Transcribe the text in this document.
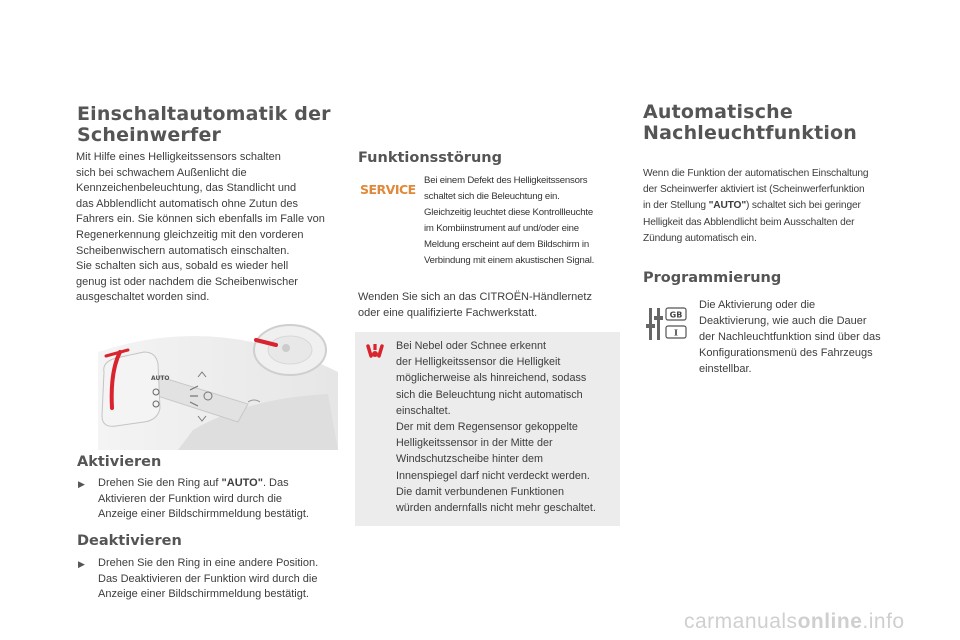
Einschaltautomatik der
Scheinwerfer
Mit Hilfe eines Helligkeitssensors schalten
sich bei schwachem Außenlicht die
Kennzeichenbeleuchtung, das Standlicht und
das Abblendlicht automatisch ohne Zutun des
Fahrers ein. Sie können sich ebenfalls im Falle von
Regenerkennung gleichzeitig mit den vorderen
Scheibenwischern automatisch einschalten.
Sie schalten sich aus, sobald es wieder hell
genug ist oder nachdem die Scheibenwischer
ausgeschaltet worden sind.
AUTO
Aktivieren
▶ Drehen Sie den Ring auf "AUTO". Das
Aktivieren der Funktion wird durch die
Anzeige einer Bildschirmmeldung bestätigt.
Deaktivieren
▶ Drehen Sie den Ring in eine andere Position.
Das Deaktivieren der Funktion wird durch die
Anzeige einer Bildschirmmeldung bestätigt.
Funktionsstörung
SERVICE
Bei einem Defekt des Helligkeitssensors
schaltet sich die Beleuchtung ein.
Gleichzeitig leuchtet diese Kontrollleuchte
im Kombiinstrument auf und/oder eine
Meldung erscheint auf dem Bildschirm in
Verbindung mit einem akustischen Signal.
Wenden Sie sich an das CITROËN-Händlernetz
oder eine qualifizierte Fachwerkstatt.
Bei Nebel oder Schnee erkennt
der Helligkeitssensor die Helligkeit
möglicherweise als hinreichend, sodass
sich die Beleuchtung nicht automatisch
einschaltet.
Der mit dem Regensensor gekoppelte
Helligkeitssensor in der Mitte der
Windschutzscheibe hinter dem
Innenspiegel darf nicht verdeckt werden.
Die damit verbundenen Funktionen
würden andernfalls nicht mehr geschaltet.
Automatische
Nachleuchtfunktion
Wenn die Funktion der automatischen Einschaltung
der Scheinwerfer aktiviert ist (Scheinwerferfunktion
in der Stellung "AUTO") schaltet sich bei geringer
Helligkeit das Abblendlicht beim Ausschalten der
Zündung automatisch ein.
Programmierung
GB
I
Die Aktivierung oder die
Deaktivierung, wie auch die Dauer
der Nachleuchtfunktion sind über das
Konfigurationsmenü des Fahrzeugs
einstellbar.
carmanualsonline.info
